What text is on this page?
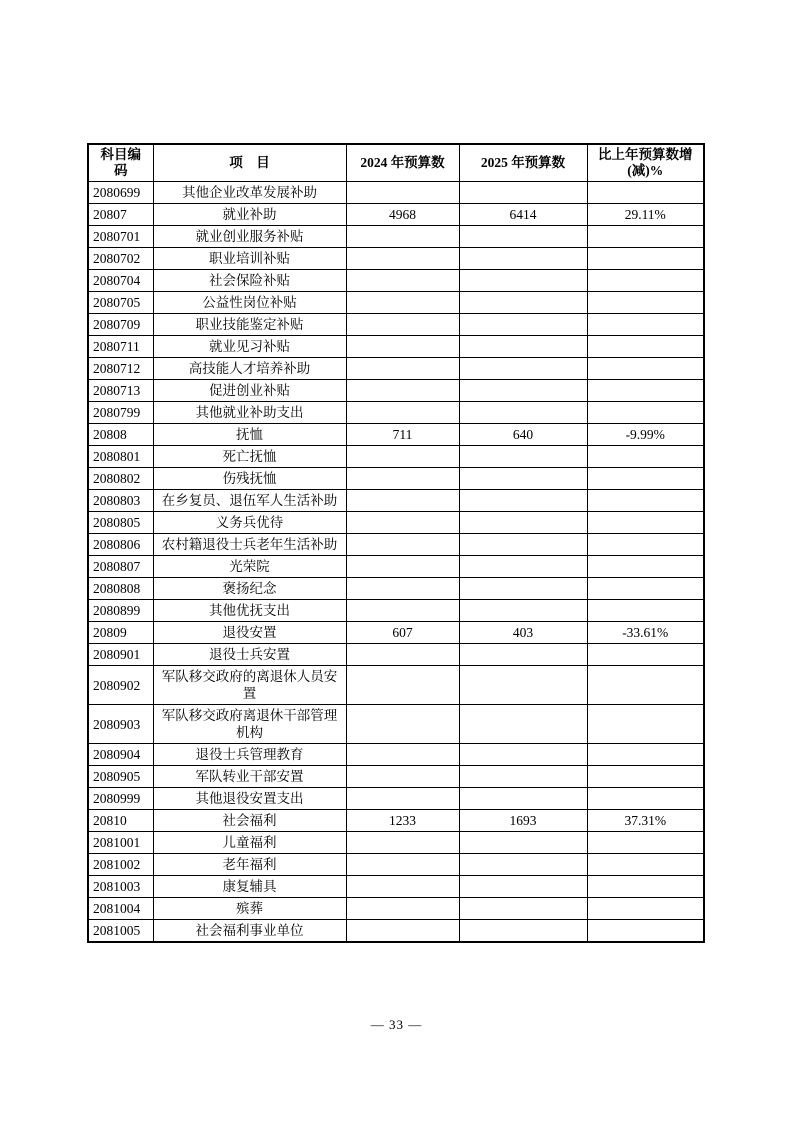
科目编码	项　目	2024 年预算数	2025 年预算数	比上年预算数增(减)%
2080699	其他企业改革发展补助			
20807	就业补助	4968	6414	29.11%
2080701	就业创业服务补贴			
2080702	职业培训补贴			
2080704	社会保险补贴			
2080705	公益性岗位补贴			
2080709	职业技能鉴定补贴			
2080711	就业见习补贴			
2080712	高技能人才培养补助			
2080713	促进创业补贴			
2080799	其他就业补助支出			
20808	抚恤	711	640	-9.99%
2080801	死亡抚恤			
2080802	伤残抚恤			
2080803	在乡复员、退伍军人生活补助			
2080805	义务兵优待			
2080806	农村籍退役士兵老年生活补助			
2080807	光荣院			
2080808	褒扬纪念			
2080899	其他优抚支出			
20809	退役安置	607	403	-33.61%
2080901	退役士兵安置			
2080902	军队移交政府的离退休人员安置			
2080903	军队移交政府离退休干部管理机构			
2080904	退役士兵管理教育			
2080905	军队转业干部安置			
2080999	其他退役安置支出			
20810	社会福利	1233	1693	37.31%
2081001	儿童福利			
2081002	老年福利			
2081003	康复辅具			
2081004	殡葬			
2081005	社会福利事业单位			
— 33 —
